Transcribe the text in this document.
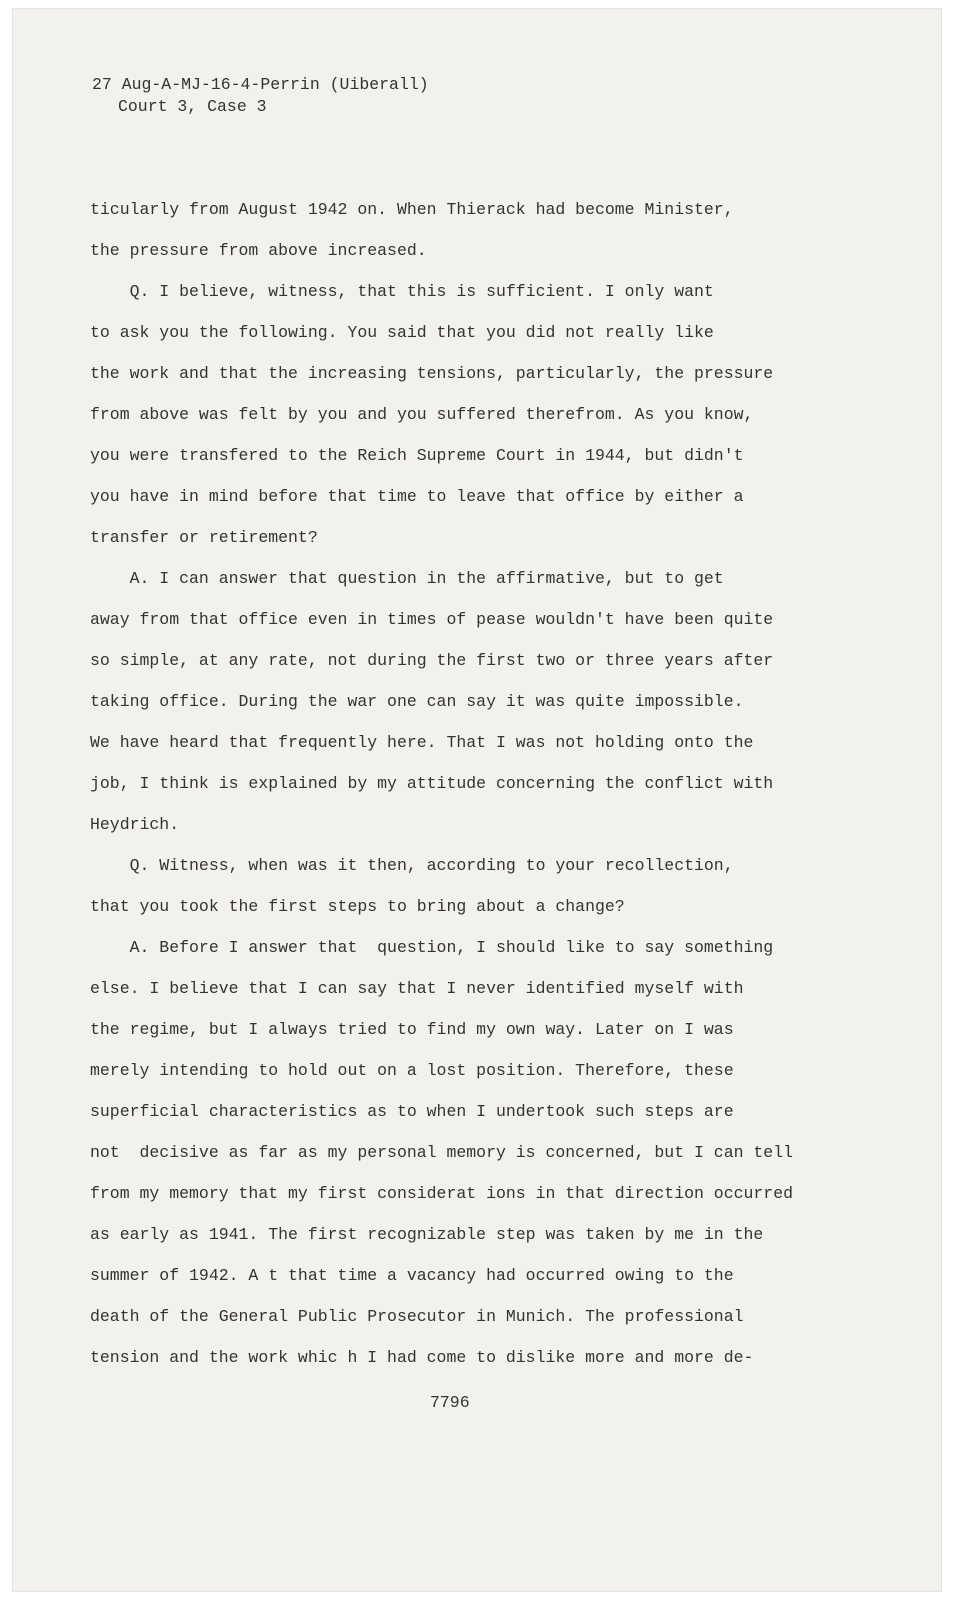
27 Aug-A-MJ-16-4-Perrin (Uiberall)

Court 3, Case 3

ticularly from August 1942 on. When Thierack had become Minister,

the pressure from above increased.

Q. I believe, witness, that this is sufficient. I only want

to ask you the following. You said that you did not really like

the work and that the increasing tensions, particularly, the pressure

from above was felt by you and you suffered therefrom. As you know,

you were transfered to the Reich Supreme Court in 1944, but didn't

you have in mind before that time to leave that office by either a

transfer or retirement?

A. I can answer that question in the affirmative, but to get

away from that office even in times of pease wouldn't have been quite

so simple, at any rate, not during the first two or three years after

taking office. During the war one can say it was quite impossible.

We have heard that frequently here. That I was not holding onto the

job, I think is explained by my attitude concerning the conflict with

Heydrich.

Q. Witness, when was it then, according to your recollection,

that you took the first steps to bring about a change?

A. Before I answer that  question, I should like to say something

else. I believe that I can say that I never identified myself with

the regime, but I always tried to find my own way. Later on I was

merely intending to hold out on a lost position. Therefore, these

superficial characteristics as to when I undertook such steps are

not  decisive as far as my personal memory is concerned, but I can tell

from my memory that my first considerat ions in that direction occurred

as early as 1941. The first recognizable step was taken by me in the

summer of 1942. A t that time a vacancy had occurred owing to the

death of the General Public Prosecutor in Munich. The professional

tension and the work whic h I had come to dislike more and more de-

7796
